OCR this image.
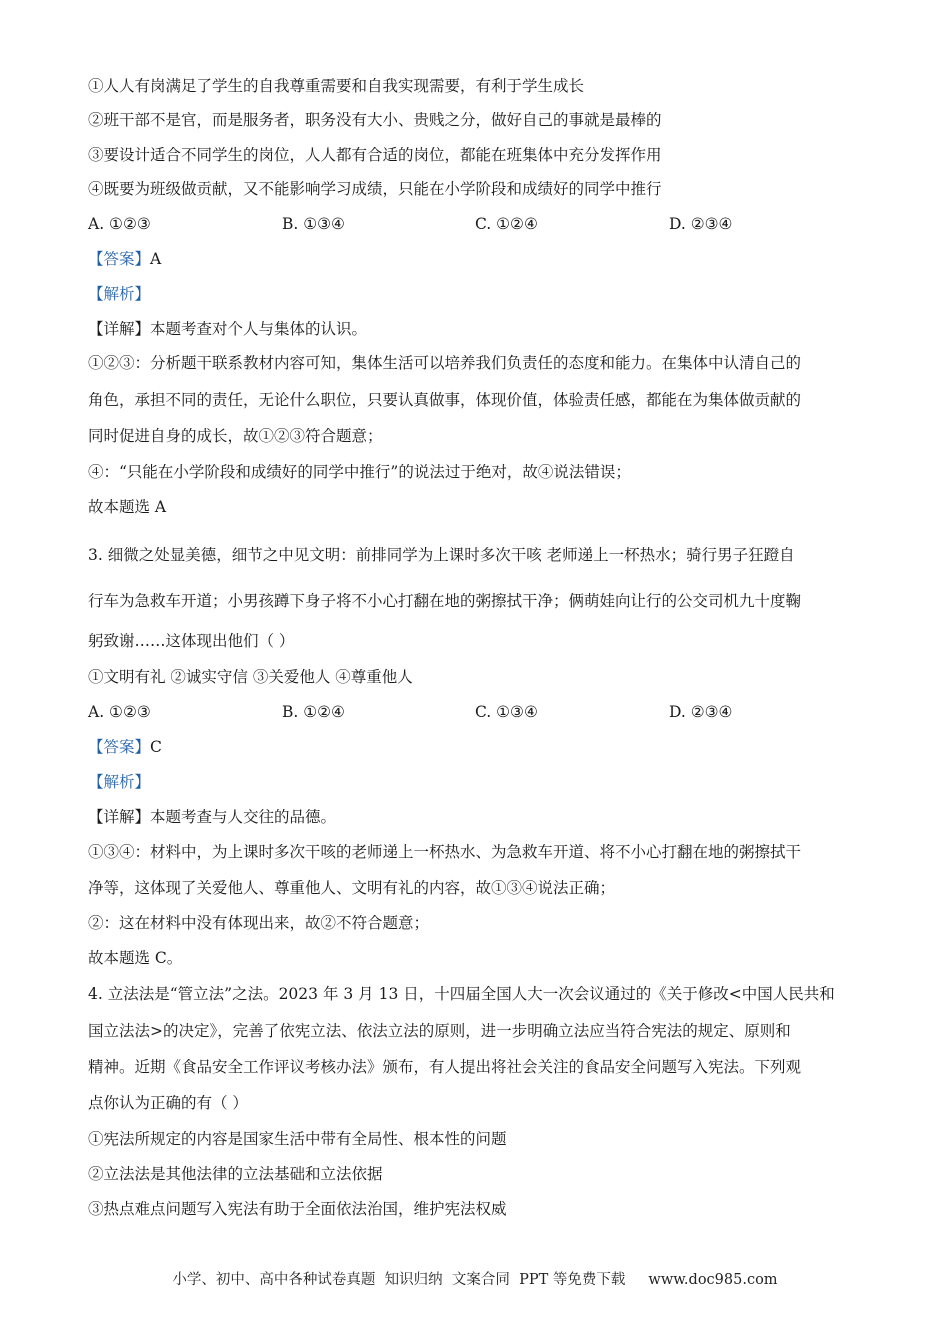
①人人有岗满足了学生的自我尊重需要和自我实现需要，有利于学生成长
②班干部不是官，而是服务者，职务没有大小、贵贱之分，做好自己的事就是最棒的
③要设计适合不同学生的岗位，人人都有合适的岗位，都能在班集体中充分发挥作用
④既要为班级做贡献，又不能影响学习成绩，只能在小学阶段和成绩好的同学中推行
A. ①②③	B. ①③④	C. ①②④	D. ②③④
【答案】A
【解析】
【详解】本题考查对个人与集体的认识。
①②③：分析题干联系教材内容可知，集体生活可以培养我们负责任的态度和能力。在集体中认清自己的
角色，承担不同的责任，无论什么职位，只要认真做事，体现价值，体验责任感，都能在为集体做贡献的
同时促进自身的成长，故①②③符合题意；
④：“只能在小学阶段和成绩好的同学中推行”的说法过于绝对，故④说法错误；
故本题选 A
3. 细微之处显美德，细节之中见文明：前排同学为上课时多次干咳 老师递上一杯热水；骑行男子狂蹬自
行车为急救车开道；小男孩蹲下身子将不小心打翻在地的粥擦拭干净；俩萌娃向让行的公交司机九十度鞠
躬致谢……这体现出他们（ ）
①文明有礼 ②诚实守信 ③关爱他人 ④尊重他人
A. ①②③	B. ①②④	C. ①③④	D. ②③④
【答案】C
【解析】
【详解】本题考查与人交往的品德。
①③④：材料中，为上课时多次干咳的老师递上一杯热水、为急救车开道、将不小心打翻在地的粥擦拭干
净等，这体现了关爱他人、尊重他人、文明有礼的内容，故①③④说法正确；
②：这在材料中没有体现出来，故②不符合题意；
故本题选 C。
4. 立法法是“管立法”之法。2023 年 3 月 13 日，十四届全国人大一次会议通过的《关于修改<中国人民共和
国立法法>的决定》，完善了依宪立法、依法立法的原则，进一步明确立法应当符合宪法的规定、原则和
精神。近期《食品安全工作评议考核办法》颁布，有人提出将社会关注的食品安全问题写入宪法。下列观
点你认为正确的有（ ）
①宪法所规定的内容是国家生活中带有全局性、根本性的问题
②立法法是其他法律的立法基础和立法依据
③热点难点问题写入宪法有助于全面依法治国，维护宪法权威
小学、初中、高中各种试卷真题  知识归纳  文案合同  PPT 等免费下载     www.doc985.com
